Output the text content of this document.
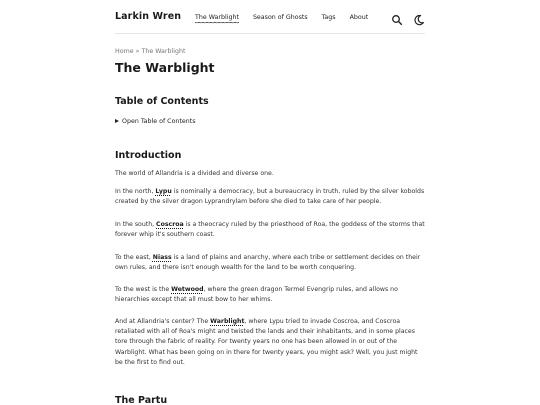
Larkin Wren The Warblight Season of Ghosts Tags About
Home » The Warblight
The Warblight
Table of Contents
Open Table of Contents
Introduction

The world of Allandria is a divided and diverse one.

In the north, Lypu is nominally a democracy, but a bureaucracy in truth, ruled by the silver kobolds created by the silver dragon Lyprandrylam before she died to take care of her people.

In the south, Coscroa is a theocracy ruled by the priesthood of Roa, the goddess of the storms that forever whip it's southern coast.

To the east, Niass is a land of plains and anarchy, where each tribe or settlement decides on their own rules, and there isn't enough wealth for the land to be worth conquering.

To the west is the Wetwood, where the green dragon Termel Evengrip rules, and allows no hierarchies except that all must bow to her whims.

And at Allandria's center? The Warblight, where Lypu tried to invade Coscroa, and Coscroa retaliated with all of Roa's might and twisted the lands and their inhabitants, and in some places tore through the fabric of reality. For twenty years no one has been allowed in or out of the Warblight. What has been going on in there for twenty years, you might ask? Well, you just might be the first to find out.

The Partu
